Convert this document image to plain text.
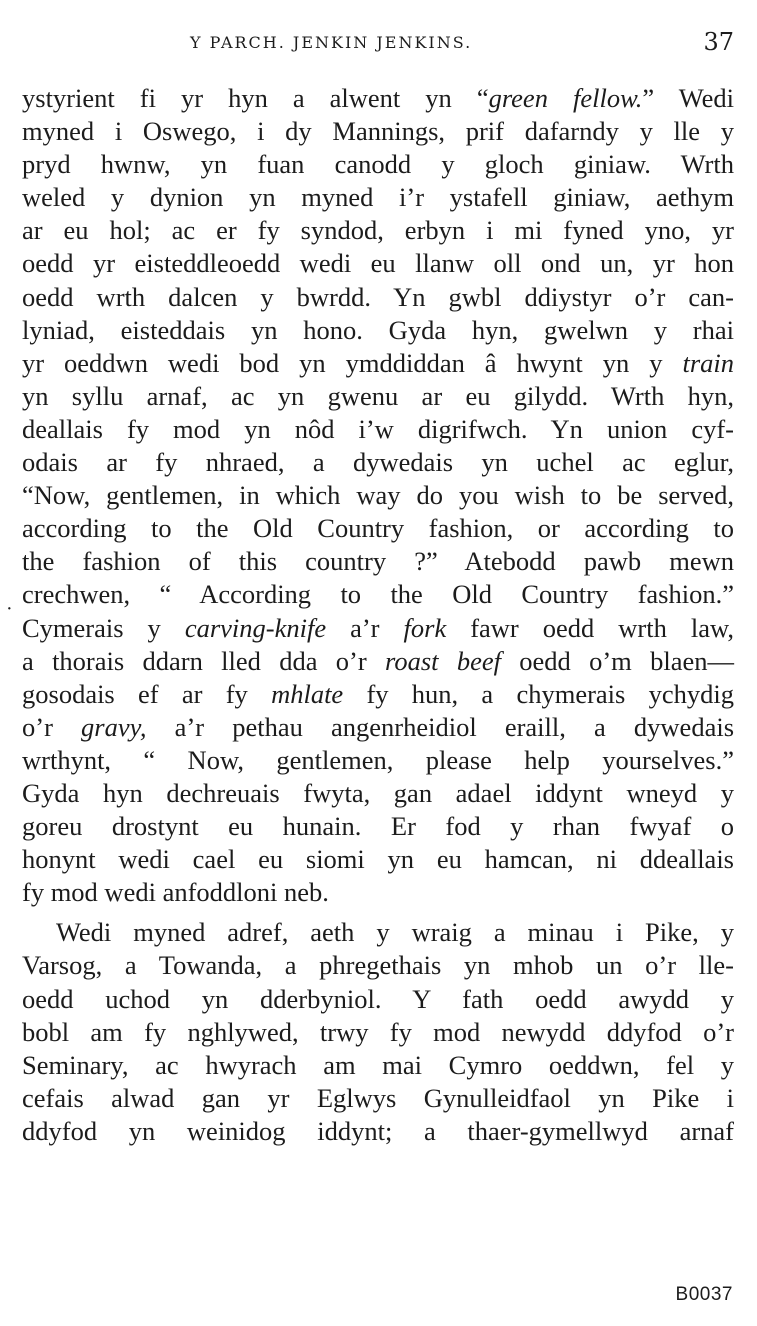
Y PARCH. JENKIN JENKINS.	37
·
ystyrient fi yr hyn a alwent yn “green fellow.” Wedi
myned i Oswego, i dy Mannings, prif dafarndy y lle y
pryd hwnw, yn fuan canodd y gloch giniaw. Wrth
weled y dynion yn myned i’r ystafell giniaw, aethym
ar eu hol; ac er fy syndod, erbyn i mi fyned yno, yr
oedd yr eisteddleoedd wedi eu llanw oll ond un, yr hon
oedd wrth dalcen y bwrdd. Yn gwbl ddiystyr o’r can-
lyniad, eisteddais yn hono. Gyda hyn, gwelwn y rhai
yr oeddwn wedi bod yn ymddiddan â hwynt yn y train
yn syllu arnaf, ac yn gwenu ar eu gilydd. Wrth hyn,
deallais fy mod yn nôd i’w digrifwch. Yn union cyf-
odais ar fy nhraed, a dywedais yn uchel ac eglur,
“Now, gentlemen, in which way do you wish to be served,
according to the Old Country fashion, or according to
the fashion of this country ?” Atebodd pawb mewn
crechwen, “ According to the Old Country fashion.”
Cymerais y carving-knife a’r fork fawr oedd wrth law,
a thorais ddarn lled dda o’r roast beef oedd o’m blaen—
gosodais ef ar fy mhlate fy hun, a chymerais ychydig
o’r gravy, a’r pethau angenrheidiol eraill, a dywedais
wrthynt, “ Now, gentlemen, please help yourselves.”
Gyda hyn dechreuais fwyta, gan adael iddynt wneyd y
goreu drostynt eu hunain. Er fod y rhan fwyaf o
honynt wedi cael eu siomi yn eu hamcan, ni ddeallais
fy mod wedi anfoddloni neb.
Wedi myned adref, aeth y wraig a minau i Pike, y
Varsog, a Towanda, a phregethais yn mhob un o’r lle-
oedd uchod yn dderbyniol. Y fath oedd awydd y
bobl am fy nghlywed, trwy fy mod newydd ddyfod o’r
Seminary, ac hwyrach am mai Cymro oeddwn, fel y
cefais alwad gan yr Eglwys Gynulleidfaol yn Pike i
ddyfod yn weinidog iddynt; a thaer-gymellwyd arnaf
B0037
